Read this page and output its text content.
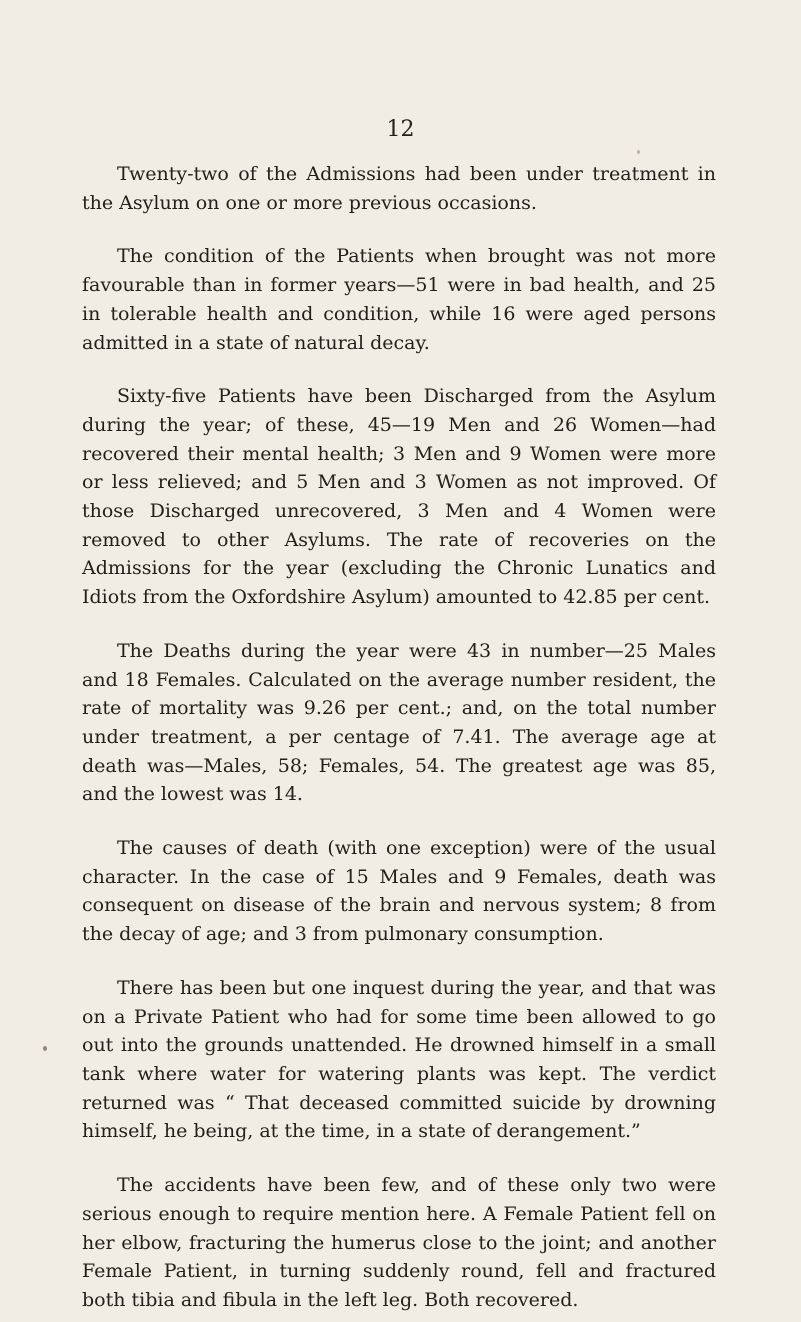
12

Twenty-two of the Admissions had been under treatment in the Asylum on one or more previous occasions.

The condition of the Patients when brought was not more favourable than in former years—51 were in bad health, and 25 in tolerable health and condition, while 16 were aged persons admitted in a state of natural decay.

Sixty-five Patients have been Discharged from the Asylum during the year; of these, 45—19 Men and 26 Women—had recovered their mental health; 3 Men and 9 Women were more or less relieved; and 5 Men and 3 Women as not improved. Of those Discharged unrecovered, 3 Men and 4 Women were removed to other Asylums. The rate of recoveries on the Admissions for the year (excluding the Chronic Lunatics and Idiots from the Oxfordshire Asylum) amounted to 42.85 per cent.

The Deaths during the year were 43 in number—25 Males and 18 Females. Calculated on the average number resident, the rate of mortality was 9.26 per cent.; and, on the total number under treatment, a per centage of 7.41. The average age at death was—Males, 58; Females, 54. The greatest age was 85, and the lowest was 14.

The causes of death (with one exception) were of the usual character. In the case of 15 Males and 9 Females, death was consequent on disease of the brain and nervous system; 8 from the decay of age; and 3 from pulmonary consumption.

There has been but one inquest during the year, and that was on a Private Patient who had for some time been allowed to go out into the grounds unattended. He drowned himself in a small tank where water for watering plants was kept. The verdict returned was “ That deceased committed suicide by drowning himself, he being, at the time, in a state of derangement.”

The accidents have been few, and of these only two were serious enough to require mention here. A Female Patient fell on her elbow, fracturing the humerus close to the joint; and another Female Patient, in turning suddenly round, fell and fractured both tibia and fibula in the left leg. Both recovered.
